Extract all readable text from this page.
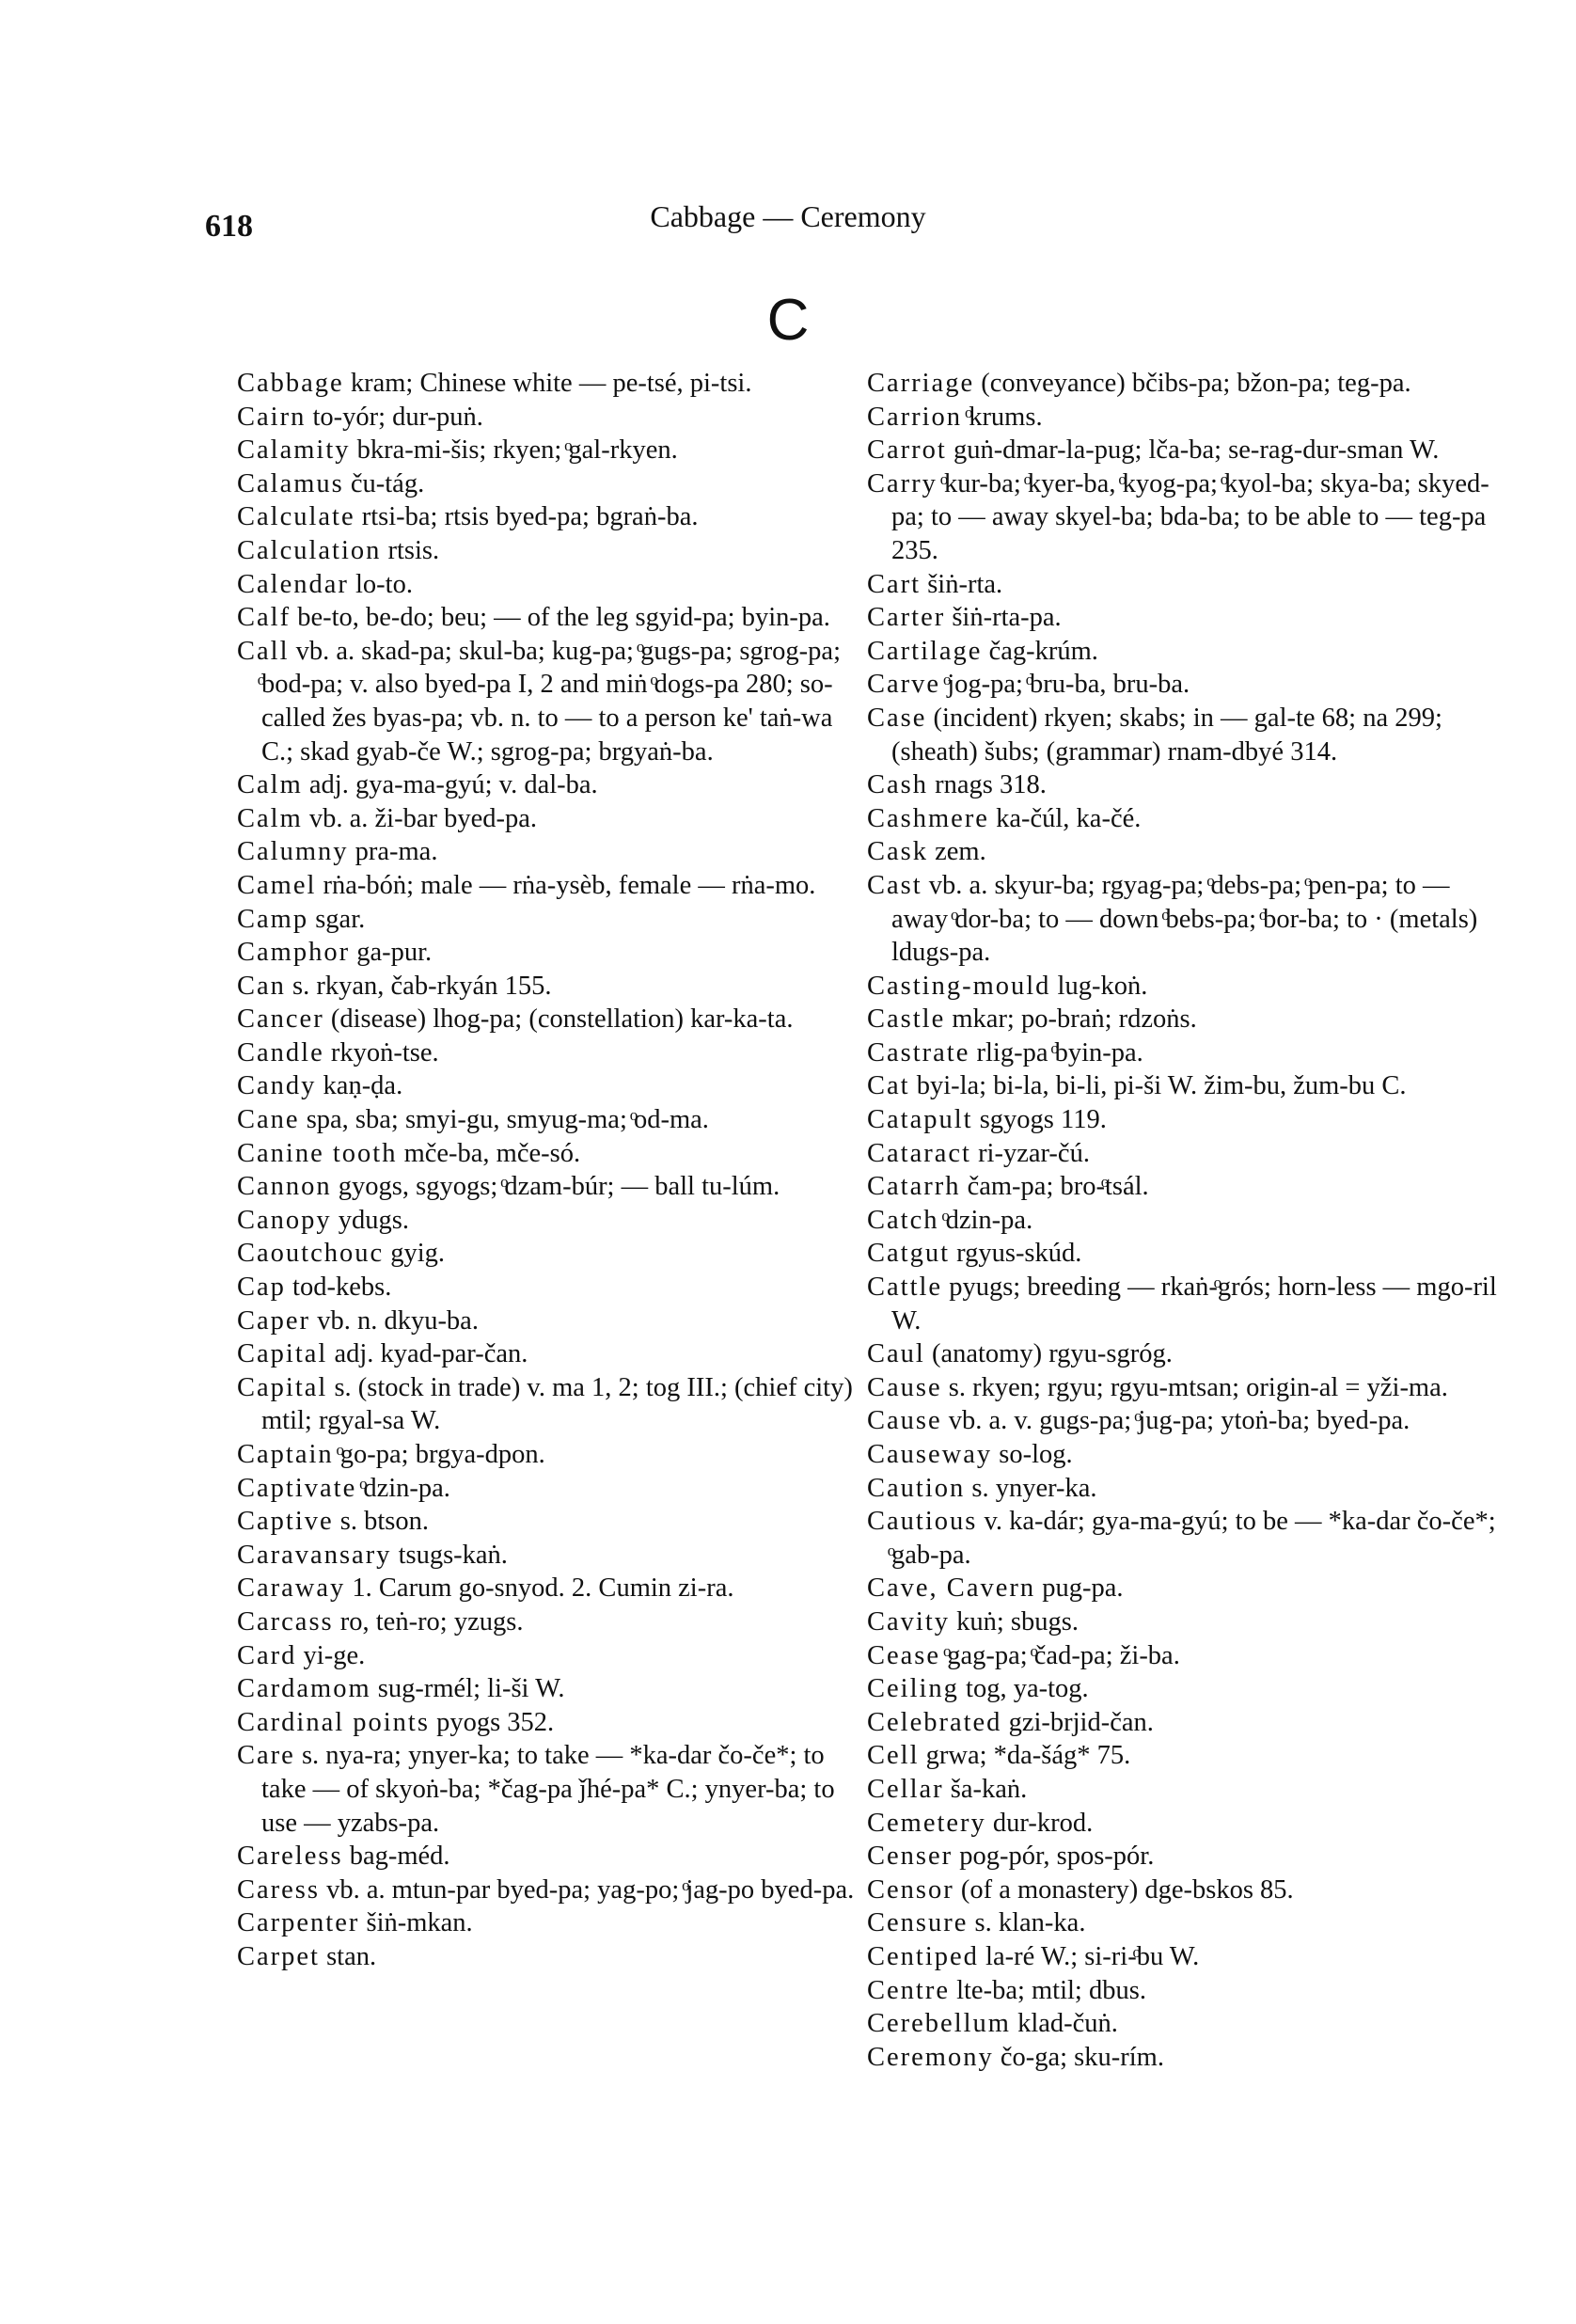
618	Cabbage — Ceremony
C
Cabbage kram; Chinese white — pe-tsé, pi-tsi.
Cairn to-yór; dur-puṅ.
Calamity bkra-mi-šis; rkyen; ͦgal-rkyen.
Calamus ču-tág.
Calculate rtsi-ba; rtsis byed-pa; bgraṅ-ba.
Calculation rtsis.
Calendar lo-to.
Calf be-to, be-do; beu; — of the leg sgyid-pa; byin-pa.
Call vb. a. skad-pa; skul-ba; kug-pa; ͦgugs-pa; sgrog-pa; ͦbod-pa; v. also byed-pa I, 2 and miṅ ͦdogs-pa 280; so-called žes byas-pa; vb. n. to — to a person ke' taṅ-wa C.; skad gyab-če W.; sgrog-pa; brgyaṅ-ba.
Calm adj. gya-ma-gyú; v. dal-ba.
Calm vb. a. ži-bar byed-pa.
Calumny pra-ma.
Camel rṅa-bóṅ; male — rṅa-ysèb, female — rṅa-mo.
Camp sgar.
Camphor ga-pur.
Can s. rkyan, čab-rkyán 155.
Cancer (disease) lhog-pa; (constellation) kar-ka-ta.
Candle rkyoṅ-tse.
Candy kaṇ-ḍa.
Cane spa, sba; smyi-gu, smyug-ma; ͦod-ma.
Canine tooth mče-ba, mče-só.
Cannon gyogs, sgyogs; ͦdzam-búr; — ball tu-lúm.
Canopy ydugs.
Caoutchouc gyig.
Cap tod-kebs.
Caper vb. n. dkyu-ba.
Capital adj. kyad-par-čan.
Capital s. (stock in trade) v. ma 1, 2; tog III.; (chief city) mtil; rgyal-sa W.
Captain ͦgo-pa; brgya-dpon.
Captivate ͦdzin-pa.
Captive s. btson.
Caravansary tsugs-kaṅ.
Caraway 1. Carum go-snyod. 2. Cumin zi-ra.
Carcass ro, teṅ-ro; yzugs.
Card yi-ge.
Cardamom sug-rmél; li-ši W.
Cardinal points pyogs 352.
Care s. nya-ra; ynyer-ka; to take — *ka-dar čo-če*; to take — of skyoṅ-ba; *čag-pa ǰhé-pa* C.; ynyer-ba; to use — yzabs-pa.
Careless bag-méd.
Caress vb. a. mtun-par byed-pa; yag-po; ͦjag-po byed-pa.
Carpenter šiṅ-mkan.
Carpet stan.
Carriage (conveyance) bčibs-pa; bžon-pa; teg-pa.
Carrion ͦkrums.
Carrot guṅ-dmar-la-pug; lča-ba; se-rag-dur-sman W.
Carry ͦkur-ba; ͦkyer-ba, ͦkyog-pa; ͦkyol-ba; skya-ba; skyed-pa; to — away skyel-ba; bda-ba; to be able to — teg-pa 235.
Cart šiṅ-rta.
Carter šiṅ-rta-pa.
Cartilage čag-krúm.
Carve ͦjog-pa; ͦbru-ba, bru-ba.
Case (incident) rkyen; skabs; in — gal-te 68; na 299; (sheath) šubs; (grammar) rnam-dbyé 314.
Cash rnags 318.
Cashmere ka-čúl, ka-čé.
Cask zem.
Cast vb. a. skyur-ba; rgyag-pa; ͦdebs-pa; ͦpen-pa; to — away ͦdor-ba; to — down ͦbebs-pa; ͦbor-ba; to · (metals) ldugs-pa.
Casting-mould lug-koṅ.
Castle mkar; po-braṅ; rdzoṅs.
Castrate rlig-pa ͦbyin-pa.
Cat byi-la; bi-la, bi-li, pi-ši W. žim-bu, žum-bu C.
Catapult sgyogs 119.
Cataract ri-yzar-čú.
Catarrh čam-pa; bro-ͦtsál.
Catch ͦdzin-pa.
Catgut rgyus-skúd.
Cattle pyugs; breeding — rkaṅ-ͦgrós; horn-less — mgo-ril W.
Caul (anatomy) rgyu-sgróg.
Cause s. rkyen; rgyu; rgyu-mtsan; origin-al = yži-ma.
Cause vb. a. v. gugs-pa; ͦjug-pa; ytoṅ-ba; byed-pa.
Causeway so-log.
Caution s. ynyer-ka.
Cautious v. ka-dár; gya-ma-gyú; to be — *ka-dar čo-če*; ͦgab-pa.
Cave, Cavern pug-pa.
Cavity kuṅ; sbugs.
Cease ͦgag-pa; ͦčad-pa; ži-ba.
Ceiling tog, ya-tog.
Celebrated gzi-brjid-čan.
Cell grwa; *da-šág* 75.
Cellar ša-kaṅ.
Cemetery dur-krod.
Censer pog-pór, spos-pór.
Censor (of a monastery) dge-bskos 85.
Censure s. klan-ka.
Centiped la-ré W.; si-ri-ͦbu W.
Centre lte-ba; mtil; dbus.
Cerebellum klad-čuṅ.
Ceremony čo-ga; sku-rím.
